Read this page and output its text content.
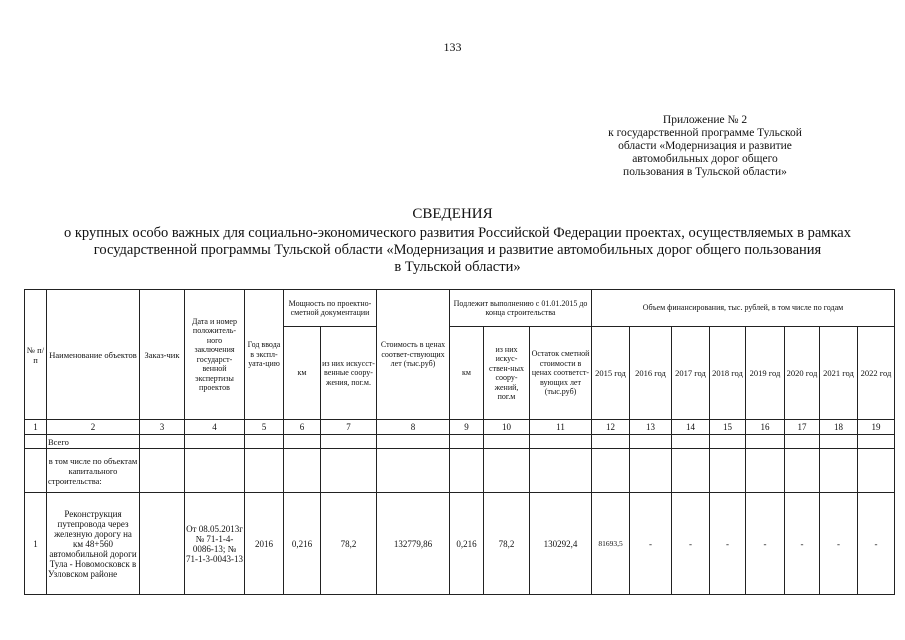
133
Приложение № 2
к государственной программе Тульской
области «Модернизация и развитие
автомобильных дорог общего
пользования в Тульской области»
СВЕДЕНИЯ
о крупных особо важных для социально-экономического развития Российской Федерации проектах, осуществляемых в рамках
государственной программы Тульской области «Модернизация и развитие автомобильных дорог общего пользования
в Тульской области»
№ п/п	Наименование объектов	Заказ-чик	Дата и номер положитель-ного заключения государст-венной экспертизы проектов	Год ввода в экспл-уата-цию	Мощность по проектно-сметной документации		Стоимость в ценах соответ-ствующих лет (тыс.руб)	Подлежит выполнению с 01.01.2015 до конца строительства			Объем финансирования, тыс. рублей, в том числе по годам							
					км	из них искусст-венные соору-жения, пог.м.		км	из них искус-ствен-ных соору-жений, пог.м	Остаток сметной стоимости в ценах соответст-вующих лет (тыс.руб)	2015 год	2016 год	2017 год	2018 год	2019 год	2020 год	2021 год	2022 год
1	2	3	4	5	6	7	8	9	10	11	12	13	14	15	16	17	18	19
	Всего																	
	в том числе по объектам капитального строительства:																	
1	Реконструкция путепровода через железную дорогу на км 48+560 автомобильной дороги Тула - Новомосковск в Узловском районе		От 08.05.2013г № 71-1-4-0086-13; № 71-1-3-0043-13	2016	0,216	78,2	132779,86	0,216	78,2	130292,4	81693,5	-	-	-	-	-	-	-
